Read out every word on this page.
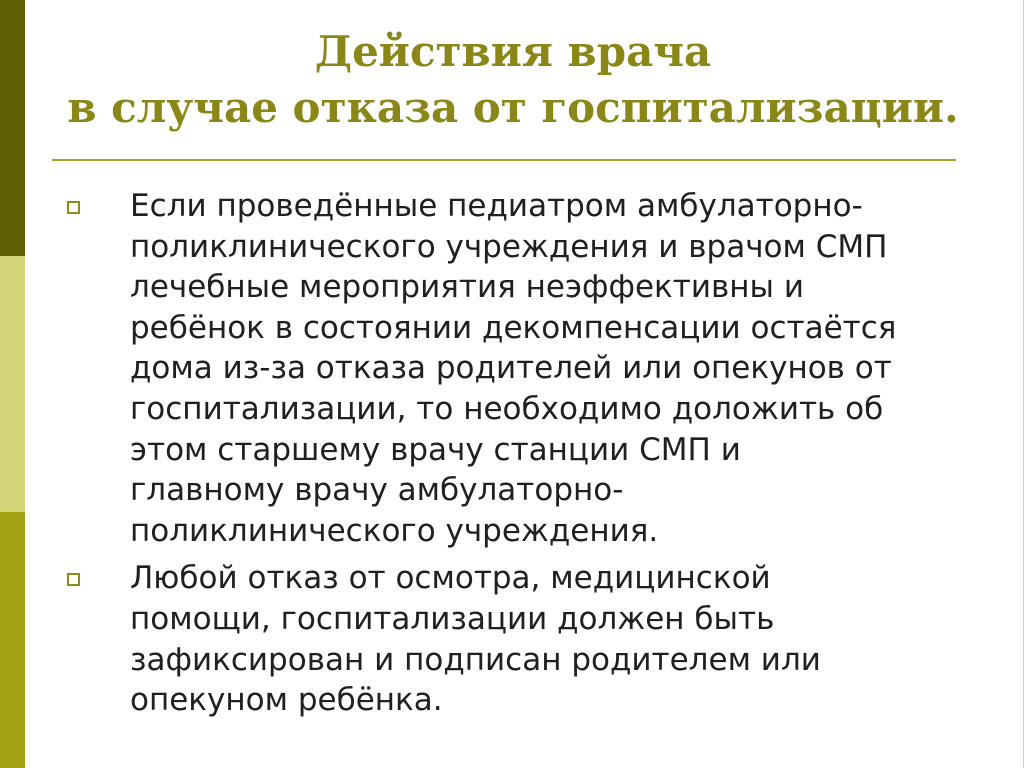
Действия врача
в случае отказа от госпитализации.
Если проведённые педиатром амбулаторно-
поликлинического учреждения и врачом СМП
лечебные мероприятия неэффективны и
ребёнок в состоянии декомпенсации остаётся
дома из-за отказа родителей или опекунов от
госпитализации, то необходимо доложить об
этом старшему врачу станции СМП и
главному врачу амбулаторно-
поликлинического учреждения.
Любой отказ от осмотра, медицинской
помощи, госпитализации должен быть
зафиксирован и подписан родителем или
опекуном ребёнка.
